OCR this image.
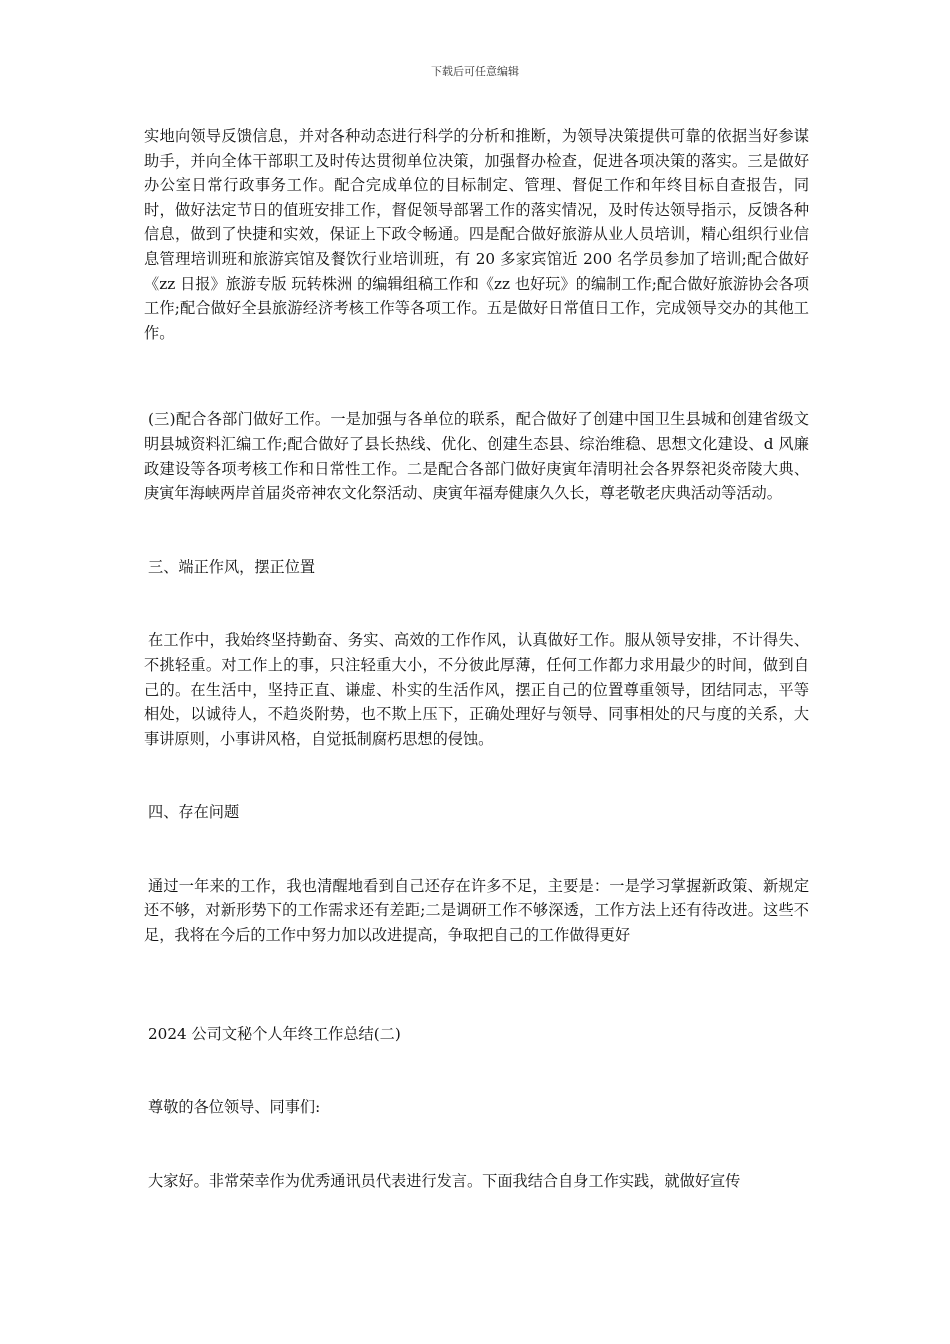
下载后可任意编辑

实地向领导反馈信息，并对各种动态进行科学的分析和推断，为领导决策提供可靠的依据当好参谋助手，并向全体干部职工及时传达贯彻单位决策，加强督办检查，促进各项决策的落实。三是做好办公室日常行政事务工作。配合完成单位的目标制定、管理、督促工作和年终目标自查报告，同时，做好法定节日的值班安排工作，督促领导部署工作的落实情况，及时传达领导指示，反馈各种信息，做到了快捷和实效，保证上下政令畅通。四是配合做好旅游从业人员培训，精心组织行业信息管理培训班和旅游宾馆及餐饮行业培训班，有 20 多家宾馆近 200 名学员参加了培训;配合做好《zz 日报》旅游专版 玩转株洲 的编辑组稿工作和《zz 也好玩》的编制工作;配合做好旅游协会各项工作;配合做好全县旅游经济考核工作等各项工作。五是做好日常值日工作，完成领导交办的其他工作。

(三)配合各部门做好工作。一是加强与各单位的联系，配合做好了创建中国卫生县城和创建省级文明县城资料汇编工作;配合做好了县长热线、优化、创建生态县、综治维稳、思想文化建设、d 风廉政建设等各项考核工作和日常性工作。二是配合各部门做好庚寅年清明社会各界祭祀炎帝陵大典、庚寅年海峡两岸首届炎帝神农文化祭活动、庚寅年福寿健康久久长，尊老敬老庆典活动等活动。

三、端正作风，摆正位置

在工作中，我始终坚持勤奋、务实、高效的工作作风，认真做好工作。服从领导安排，不计得失、不挑轻重。对工作上的事，只注轻重大小，不分彼此厚薄，任何工作都力求用最少的时间，做到自己的。在生活中，坚持正直、谦虚、朴实的生活作风，摆正自己的位置尊重领导，团结同志，平等相处，以诚待人，不趋炎附势，也不欺上压下，正确处理好与领导、同事相处的尺与度的关系，大事讲原则，小事讲风格，自觉抵制腐朽思想的侵蚀。

四、存在问题

通过一年来的工作，我也清醒地看到自己还存在许多不足，主要是：一是学习掌握新政策、新规定还不够，对新形势下的工作需求还有差距;二是调研工作不够深透，工作方法上还有待改进。这些不足，我将在今后的工作中努力加以改进提高，争取把自己的工作做得更好

2024 公司文秘个人年终工作总结(二)

尊敬的各位领导、同事们:

大家好。非常荣幸作为优秀通讯员代表进行发言。下面我结合自身工作实践，就做好宣传
